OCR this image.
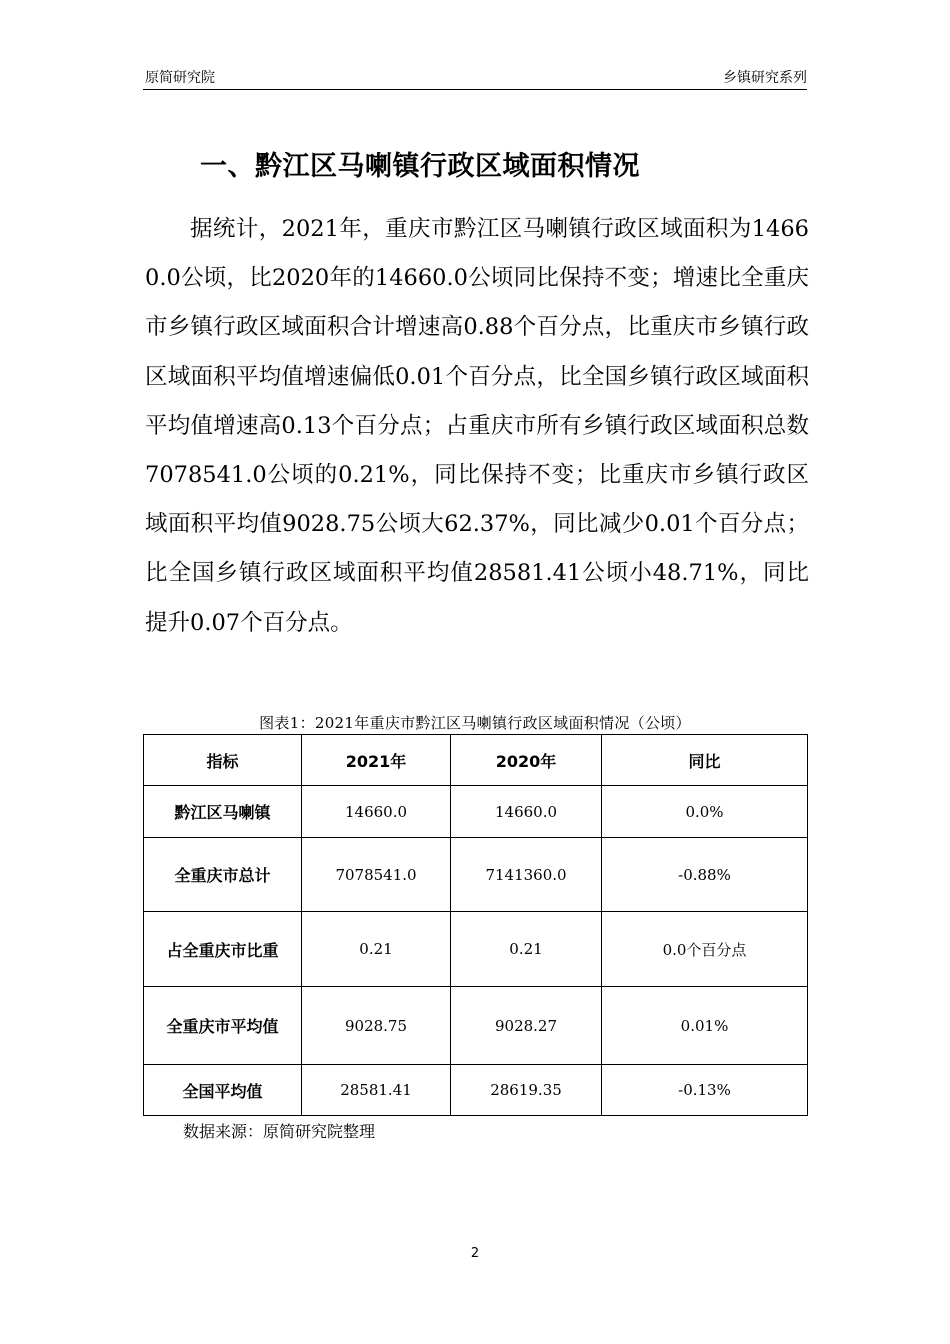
原简研究院	乡镇研究系列
一、黔江区马喇镇行政区域面积情况

据统计，2021年，重庆市黔江区马喇镇行政区域面积为14660.0公顷，比2020年的14660.0公顷同比保持不变；增速比全重庆市乡镇行政区域面积合计增速高0.88个百分点，比重庆市乡镇行政区域面积平均值增速偏低0.01个百分点，比全国乡镇行政区域面积平均值增速高0.13个百分点；占重庆市所有乡镇行政区域面积总数7078541.0公顷的0.21%，同比保持不变；比重庆市乡镇行政区域面积平均值9028.75公顷大62.37%，同比减少0.01个百分点；比全国乡镇行政区域面积平均值28581.41公顷小48.71%，同比提升0.07个百分点。

图表1：2021年重庆市黔江区马喇镇行政区域面积情况（公顷）
指标	2021年	2020年	同比
黔江区马喇镇	14660.0	14660.0	0.0%
全重庆市总计	7078541.0	7141360.0	-0.88%
占全重庆市比重	0.21	0.21	0.0个百分点
全重庆市平均值	9028.75	9028.27	0.01%
全国平均值	28581.41	28619.35	-0.13%
数据来源：原简研究院整理
2
